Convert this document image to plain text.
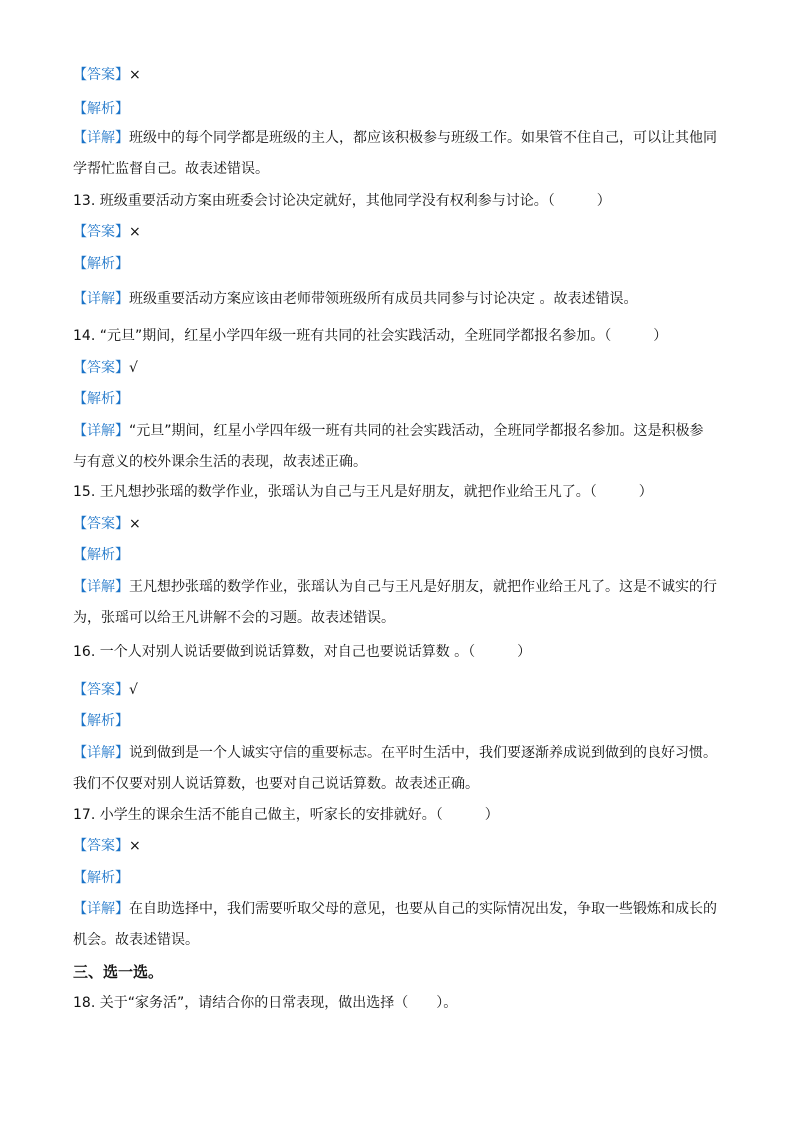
【答案】×
【解析】
【详解】班级中的每个同学都是班级的主人，都应该积极参与班级工作。如果管不住自己，可以让其他同
学帮忙监督自己。故表述错误。
13. 班级重要活动方案由班委会讨论决定就好，其他同学没有权利参与讨论。（　　　）
【答案】×
【解析】
【详解】班级重要活动方案应该由老师带领班级所有成员共同参与讨论决定 。故表述错误。
14. “元旦”期间，红星小学四年级一班有共同的社会实践活动，全班同学都报名参加。（　　　）
【答案】√
【解析】
【详解】“元旦”期间，红星小学四年级一班有共同的社会实践活动，全班同学都报名参加。这是积极参
与有意义的校外课余生活的表现，故表述正确。
15. 王凡想抄张瑶的数学作业，张瑶认为自己与王凡是好朋友，就把作业给王凡了。（　　　）
【答案】×
【解析】
【详解】王凡想抄张瑶的数学作业，张瑶认为自己与王凡是好朋友，就把作业给王凡了。这是不诚实的行
为，张瑶可以给王凡讲解不会的习题。故表述错误。
16. 一个人对别人说话要做到说话算数，对自己也要说话算数 。（　　　）
【答案】√
【解析】
【详解】说到做到是一个人诚实守信的重要标志。在平时生活中，我们要逐渐养成说到做到的良好习惯。
我们不仅要对别人说话算数，也要对自己说话算数。故表述正确。
17. 小学生的课余生活不能自己做主，听家长的安排就好。（　　　）
【答案】×
【解析】
【详解】在自助选择中，我们需要听取父母的意见，也要从自己的实际情况出发，争取一些锻炼和成长的
机会。故表述错误。
三、选一选。
18. 关于“家务活”，请结合你的日常表现，做出选择（　　）。
